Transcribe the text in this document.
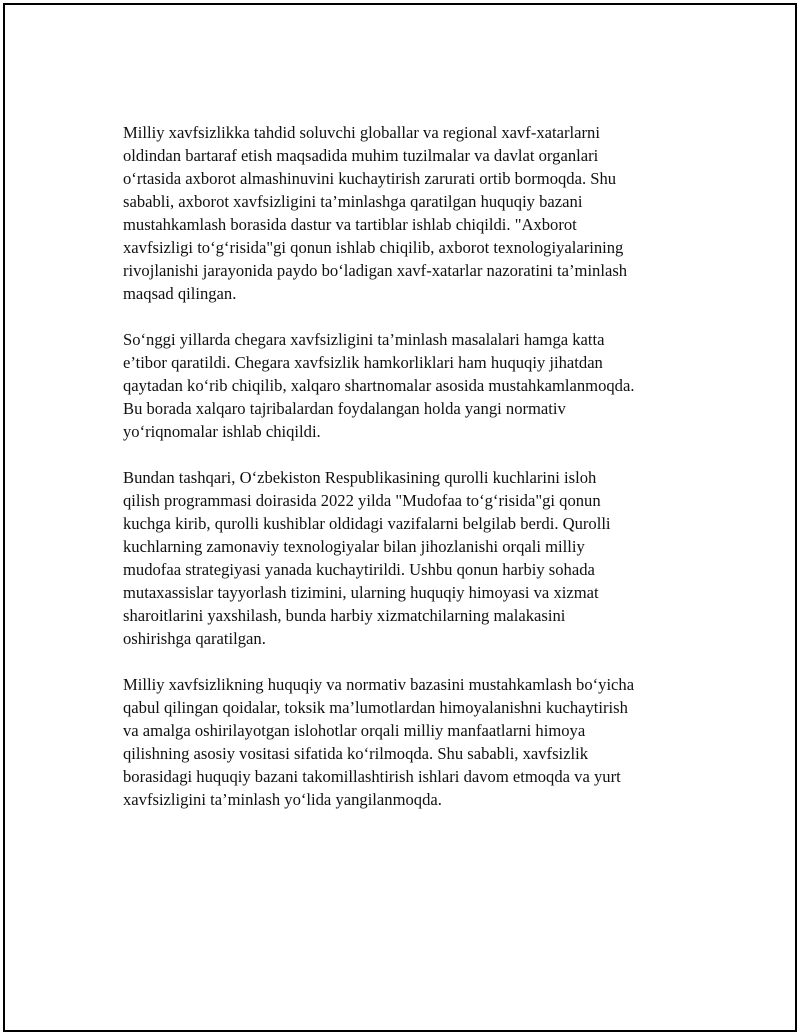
Milliy xavfsizlikka tahdid soluvchi globallar va regional xavf-xatarlarni
oldindan bartaraf etish maqsadida muhim tuzilmalar va davlat organlari
o‘rtasida axborot almashinuvini kuchaytirish zarurati ortib bormoqda. Shu
sababli, axborot xavfsizligini ta’minlashga qaratilgan huquqiy bazani
mustahkamlash borasida dastur va tartiblar ishlab chiqildi. "Axborot
xavfsizligi to‘g‘risida"gi qonun ishlab chiqilib, axborot texnologiyalarining
rivojlanishi jarayonida paydo bo‘ladigan xavf-xatarlar nazoratini ta’minlash
maqsad qilingan.

So‘nggi yillarda chegara xavfsizligini ta’minlash masalalari hamga katta
e’tibor qaratildi. Chegara xavfsizlik hamkorliklari ham huquqiy jihatdan
qaytadan ko‘rib chiqilib, xalqaro shartnomalar asosida mustahkamlanmoqda.
Bu borada xalqaro tajribalardan foydalangan holda yangi normativ
yo‘riqnomalar ishlab chiqildi.

Bundan tashqari, O‘zbekiston Respublikasining qurolli kuchlarini isloh
qilish programmasi doirasida 2022 yilda "Mudofaa to‘g‘risida"gi qonun
kuchga kirib, qurolli kushiblar oldidagi vazifalarni belgilab berdi. Qurolli
kuchlarning zamonaviy texnologiyalar bilan jihozlanishi orqali milliy
mudofaa strategiyasi yanada kuchaytirildi. Ushbu qonun harbiy sohada
mutaxassislar tayyorlash tizimini, ularning huquqiy himoyasi va xizmat
sharoitlarini yaxshilash, bunda harbiy xizmatchilarning malakasini
oshirishga qaratilgan.

Milliy xavfsizlikning huquqiy va normativ bazasini mustahkamlash bo‘yicha
qabul qilingan qoidalar, toksik ma’lumotlardan himoyalanishni kuchaytirish
va amalga oshirilayotgan islohotlar orqali milliy manfaatlarni himoya
qilishning asosiy vositasi sifatida ko‘rilmoqda. Shu sababli, xavfsizlik
borasidagi huquqiy bazani takomillashtirish ishlari davom etmoqda va yurt
xavfsizligini ta’minlash yo‘lida yangilanmoqda.
